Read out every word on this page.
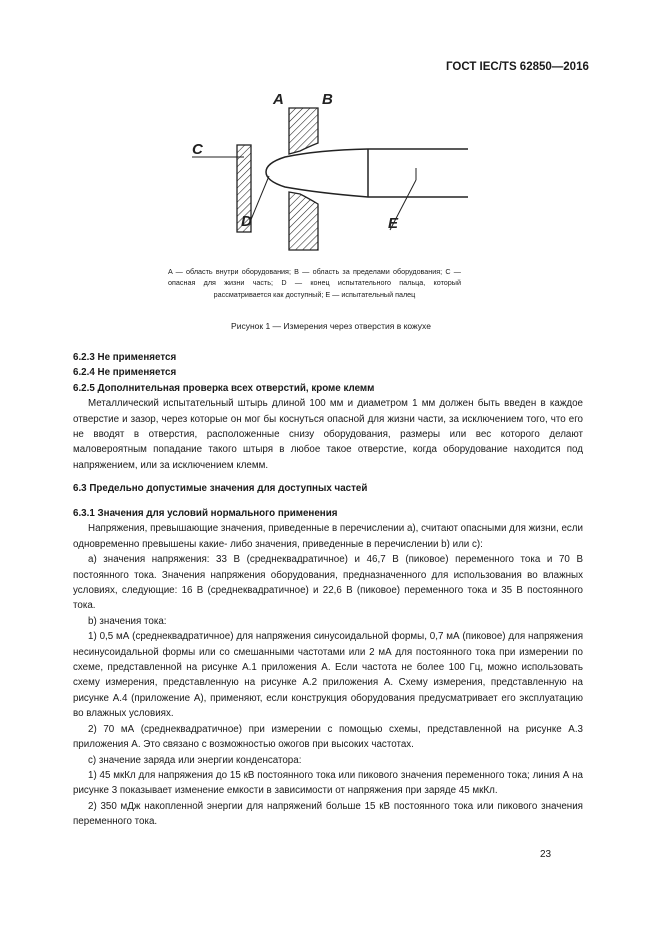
ГОСТ IEC/TS 62850—2016
A	B
C
D	E
A — область внутри оборудования; B — область за пределами оборудования; C — опасная для жизни часть; D — конец испытательного пальца, который рассматривается как доступный; E — испытательный палец
Рисунок 1 — Измерения через отверстия в кожухе

6.2.3 Не применяется

6.2.4 Не применяется

6.2.5 Дополнительная проверка всех отверстий, кроме клемм

Металлический испытательный штырь длиной 100 мм и диаметром 1 мм должен быть введен в каждое отверстие и зазор, через которые он мог бы коснуться опасной для жизни части, за исключением того, что его не вводят в отверстия, расположенные снизу оборудования, размеры или вес которого делают маловероятным попадание такого штыря в любое такое отверстие, когда оборудование находится под напряжением, или за исключением клемм.

6.3 Предельно допустимые значения для доступных частей

6.3.1 Значения для условий нормального применения

Напряжения, превышающие значения, приведенные в перечислении а), считают опасными для жизни, если одновременно превышены какие- либо значения, приведенные в перечислении b) или с):

а) значения напряжения: 33 В (среднеквадратичное) и 46,7 В (пиковое) переменного тока и 70 В постоянного тока. Значения напряжения оборудования, предназначенного для использования во влажных условиях, следующие: 16 В (среднеквадратичное) и 22,6 В (пиковое) переменного тока и 35 В постоянного тока.

b) значения тока:

1) 0,5 мА (среднеквадратичное) для напряжения синусоидальной формы, 0,7 мА (пиковое) для напряжения несинусоидальной формы или со смешанными частотами или 2 мА для постоянного тока при измерении по схеме, представленной на рисунке А.1 приложения А. Если частота не более 100 Гц, можно использовать схему измерения, представленную на рисунке А.2 приложения А. Схему измерения, представленную на рисунке А.4 (приложение А), применяют, если конструкция оборудования предусматривает его эксплуатацию во влажных условиях.

2) 70 мА (среднеквадратичное) при измерении с помощью схемы, представленной на рисунке А.3 приложения А. Это связано с возможностью ожогов при высоких частотах.

с) значение заряда или энергии конденсатора:

1) 45 мкКл для напряжения до 15 кВ постоянного тока или пикового значения переменного тока; линия А на рисунке 3 показывает изменение емкости в зависимости от напряжения при заряде 45 мкКл.

2) 350 мДж накопленной энергии для напряжений больше 15 кВ постоянного тока или пикового значения переменного тока.

23
